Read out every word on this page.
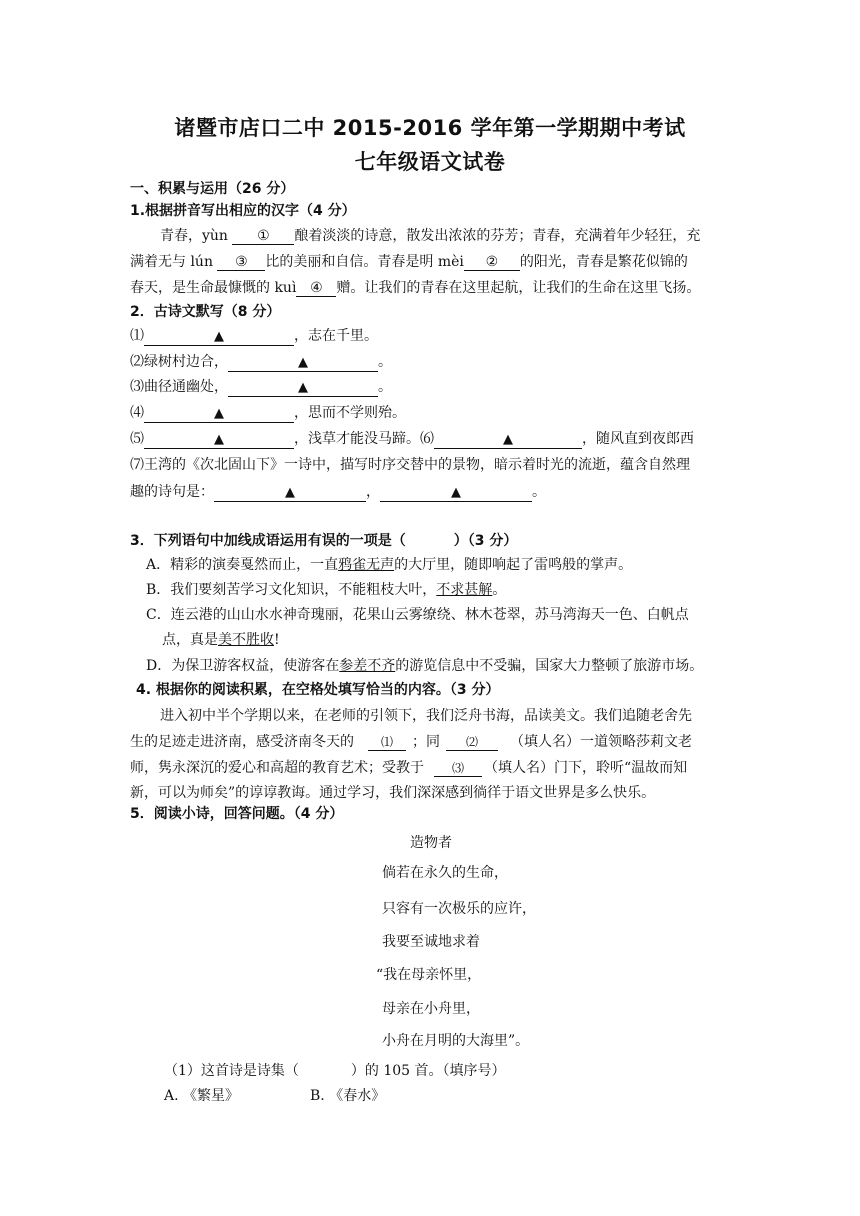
诸暨市店口二中 2015-2016 学年第一学期期中考试
七年级语文试卷
一、积累与运用（26 分）
1.根据拼音写出相应的汉字（4 分）
青春，yùn ① 酿着淡淡的诗意，散发出浓浓的芬芳；青春，充满着年少轻狂，充
满着无与 lún ③ 比的美丽和自信。青春是明 mèi ② 的阳光，青春是繁花似锦的
春天，是生命最慷慨的 kuì ④ 赠。让我们的青春在这里起航，让我们的生命在这里飞扬。
2．古诗文默写（8 分）
⑴	▲	，志在千里。
⑵绿树村边合，	▲	。
⑶曲径通幽处，	▲	。
⑷	▲	，思而不学则殆。
⑸	▲	，浅草才能没马蹄。⑹	▲	，随风直到夜郎西
⑺王湾的《次北固山下》一诗中，描写时序交替中的景物，暗示着时光的流逝，蕴含自然理
趣的诗句是：	▲	，	▲	。
3．下列语句中加线成语运用有误的一项是（	）（3 分）
A．精彩的演奏戛然而止，一直鸦雀无声的大厅里，随即响起了雷鸣般的掌声。
B．我们要刻苦学习文化知识，不能粗枝大叶，不求甚解。
C．连云港的山山水水神奇瑰丽，花果山云雾缭绕、林木苍翠，苏马湾海天一色、白帆点
点，真是美不胜收!
D．为保卫游客权益，使游客在参差不齐的游览信息中不受骗，国家大力整顿了旅游市场。
4. 根据你的阅读积累，在空格处填写恰当的内容。（3 分）
进入初中半个学期以来，在老师的引领下，我们泛舟书海，品读美文。我们追随老舍先
生的足迹走进济南，感受济南冬天的 ⑴ ；同 ⑵ （填人名）一道领略莎莉文老
师，隽永深沉的爱心和高超的教育艺术；受教于 ⑶ （填人名）门下，聆听“温故而知
新，可以为师矣”的谆谆教诲。通过学习，我们深深感到徜徉于语文世界是多么快乐。
5．阅读小诗，回答问题。（4 分）
造物者
倘若在永久的生命，
只容有一次极乐的应许，
我要至诚地求着
“我在母亲怀里，
母亲在小舟里，
小舟在月明的大海里”。
（1）这首诗是诗集（	）的 105 首。（填序号）
A. 《繁星》	B. 《春水》
